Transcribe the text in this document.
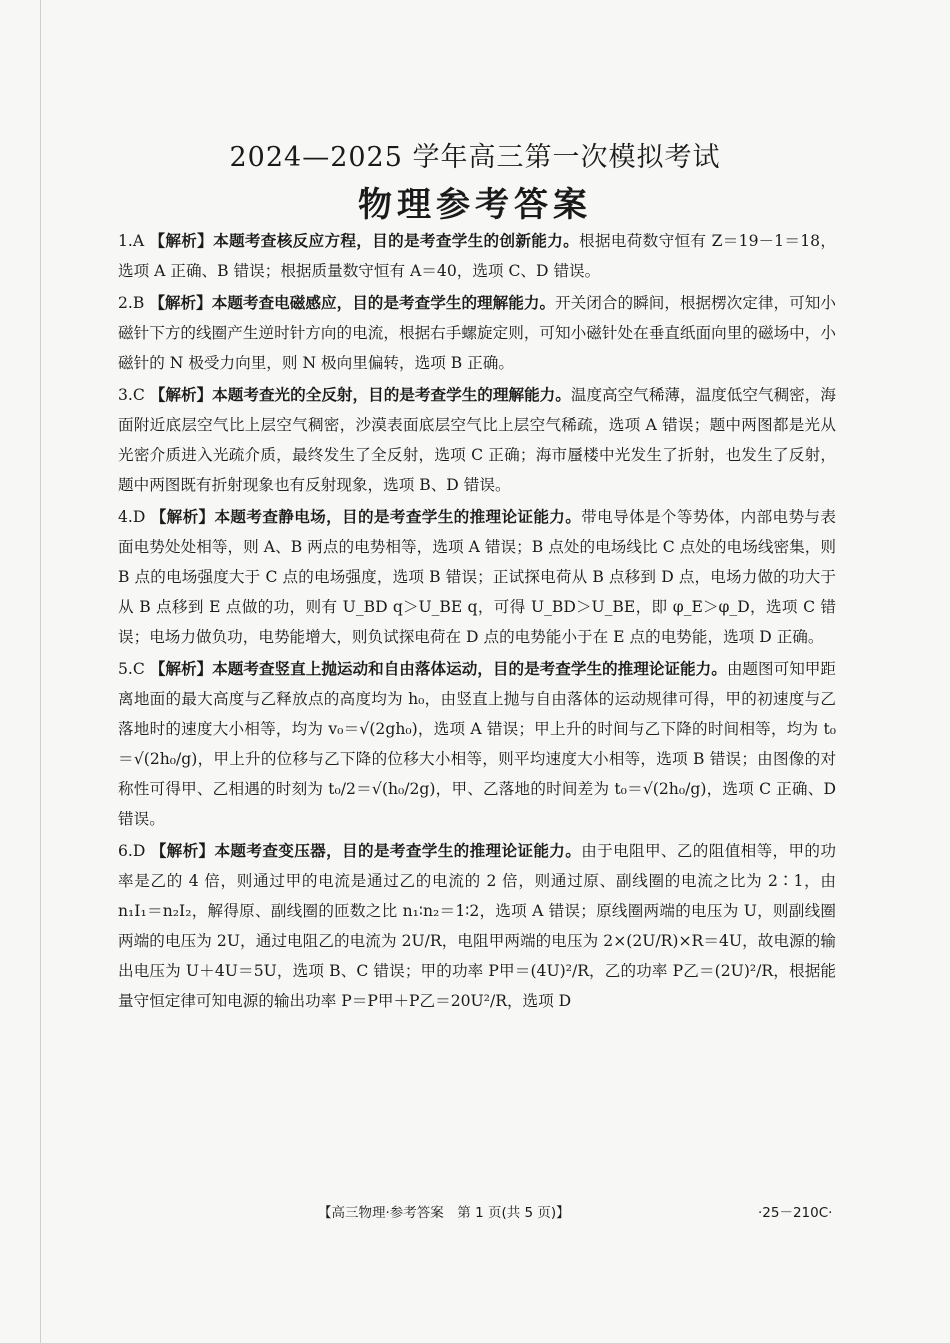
2024—2025 学年高三第一次模拟考试
物理参考答案
1.A 【解析】本题考查核反应方程，目的是考查学生的创新能力。根据电荷数守恒有 Z＝19－1＝18，选项 A 正确、B 错误；根据质量数守恒有 A＝40，选项 C、D 错误。
2.B 【解析】本题考查电磁感应，目的是考查学生的理解能力。开关闭合的瞬间，根据楞次定律，可知小磁针下方的线圈产生逆时针方向的电流，根据右手螺旋定则，可知小磁针处在垂直纸面向里的磁场中，小磁针的 N 极受力向里，则 N 极向里偏转，选项 B 正确。
3.C 【解析】本题考查光的全反射，目的是考查学生的理解能力。温度高空气稀薄，温度低空气稠密，海面附近底层空气比上层空气稠密，沙漠表面底层空气比上层空气稀疏，选项 A 错误；题中两图都是光从光密介质进入光疏介质，最终发生了全反射，选项 C 正确；海市蜃楼中光发生了折射，也发生了反射，题中两图既有折射现象也有反射现象，选项 B、D 错误。
4.D 【解析】本题考查静电场，目的是考查学生的推理论证能力。带电导体是个等势体，内部电势与表面电势处处相等，则 A、B 两点的电势相等，选项 A 错误；B 点处的电场线比 C 点处的电场线密集，则 B 点的电场强度大于 C 点的电场强度，选项 B 错误；正试探电荷从 B 点移到 D 点，电场力做的功大于从 B 点移到 E 点做的功，则有 U_BD q＞U_BE q，可得 U_BD＞U_BE，即 φ_E＞φ_D，选项 C 错误；电场力做负功，电势能增大，则负试探电荷在 D 点的电势能小于在 E 点的电势能，选项 D 正确。
5.C 【解析】本题考查竖直上抛运动和自由落体运动，目的是考查学生的推理论证能力。由题图可知甲距离地面的最大高度与乙释放点的高度均为 h₀，由竖直上抛与自由落体的运动规律可得，甲的初速度与乙落地时的速度大小相等，均为 v₀＝√(2gh₀)，选项 A 错误；甲上升的时间与乙下降的时间相等，均为 t₀＝√(2h₀/g)，甲上升的位移与乙下降的位移大小相等，则平均速度大小相等，选项 B 错误；由图像的对称性可得甲、乙相遇的时刻为 t₀/2＝√(h₀/2g)，甲、乙落地的时间差为 t₀＝√(2h₀/g)，选项 C 正确、D 错误。
6.D 【解析】本题考查变压器，目的是考查学生的推理论证能力。由于电阻甲、乙的阻值相等，甲的功率是乙的 4 倍，则通过甲的电流是通过乙的电流的 2 倍，则通过原、副线圈的电流之比为 2∶1，由 n₁I₁＝n₂I₂，解得原、副线圈的匝数之比 n₁∶n₂＝1∶2，选项 A 错误；原线圈两端的电压为 U，则副线圈两端的电压为 2U，通过电阻乙的电流为 2U/R，电阻甲两端的电压为 2×(2U/R)×R＝4U，故电源的输出电压为 U＋4U＝5U，选项 B、C 错误；甲的功率 P甲＝(4U)²/R，乙的功率 P乙＝(2U)²/R，根据能量守恒定律可知电源的输出功率 P＝P甲＋P乙＝20U²/R，选项 D
【高三物理·参考答案　第 1 页(共 5 页)】	·25－210C·
